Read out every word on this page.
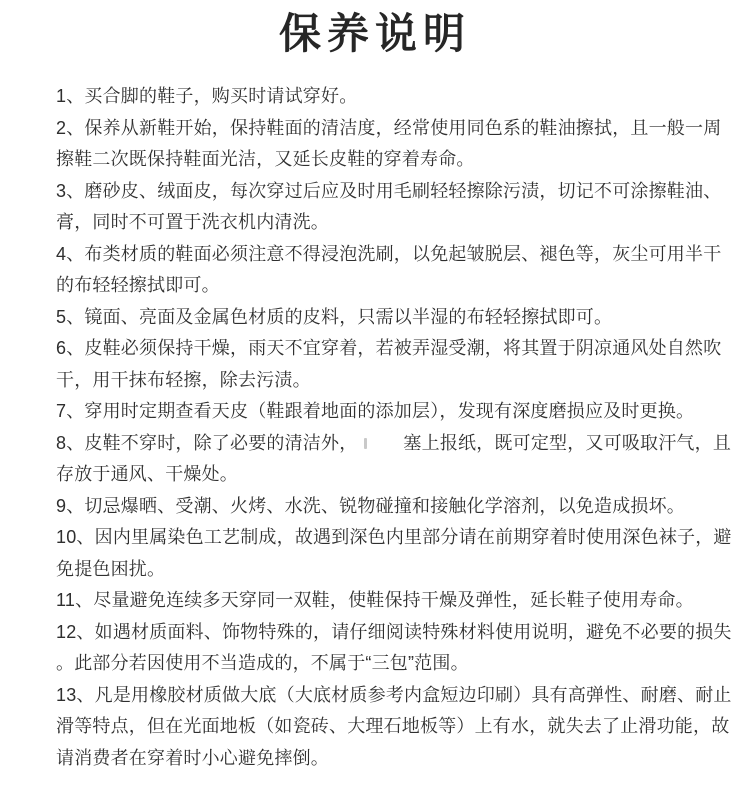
保养说明

1、买合脚的鞋子，购买时请试穿好。

2、保养从新鞋开始，保持鞋面的清洁度，经常使用同色系的鞋油擦拭，且一般一周
擦鞋二次既保持鞋面光洁，又延长皮鞋的穿着寿命。

3、磨砂皮、绒面皮，每次穿过后应及时用毛刷轻轻擦除污渍，切记不可涂擦鞋油、
膏，同时不可置于洗衣机内清洗。

4、布类材质的鞋面必须注意不得浸泡洗刷，以免起皱脱层、褪色等，灰尘可用半干
的布轻轻擦拭即可。

5、镜面、亮面及金属色材质的皮料，只需以半湿的布轻轻擦拭即可。

6、皮鞋必须保持干燥，雨天不宜穿着，若被弄湿受潮，将其置于阴凉通风处自然吹
干，用干抹布轻擦，除去污渍。

7、穿用时定期查看天皮（鞋跟着地面的添加层），发现有深度磨损应及时更换。

8、皮鞋不穿时，除了必要的清洁外，	塞上报纸，既可定型，又可吸取汗气，且
存放于通风、干燥处。

9、切忌爆晒、受潮、火烤、水洗、锐物碰撞和接触化学溶剂，以免造成损坏。

10、因内里属染色工艺制成，故遇到深色内里部分请在前期穿着时使用深色袜子，避
免提色困扰。

11、尽量避免连续多天穿同一双鞋，使鞋保持干燥及弹性，延长鞋子使用寿命。

12、如遇材质面料、饰物特殊的，请仔细阅读特殊材料使用说明，避免不必要的损失
。此部分若因使用不当造成的，不属于“三包”范围。

13、凡是用橡胶材质做大底（大底材质参考内盒短边印刷）具有高弹性、耐磨、耐止
滑等特点，但在光面地板（如瓷砖、大理石地板等）上有水，就失去了止滑功能，故
请消费者在穿着时小心避免摔倒。
